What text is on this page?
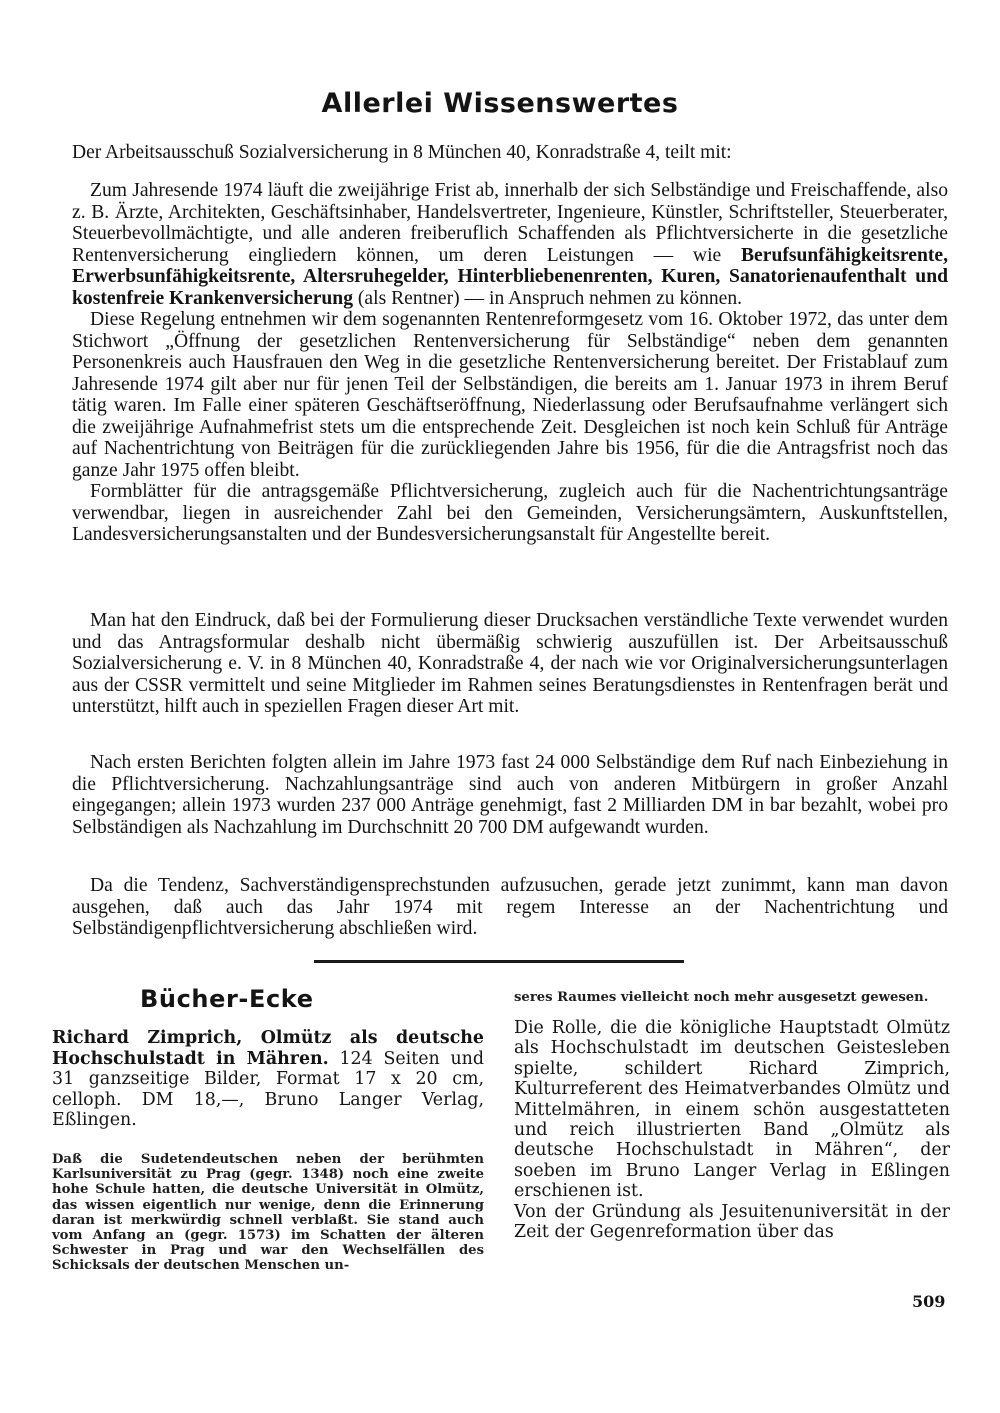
Allerlei Wissenswertes
Der Arbeitsausschuß Sozialversicherung in 8 München 40, Konradstraße 4, teilt mit:

Zum Jahresende 1974 läuft die zweijährige Frist ab, innerhalb der sich Selbständige und Freischaffende, also z. B. Ärzte, Architekten, Geschäftsinhaber, Handelsvertreter, Ingenieure, Künstler, Schriftsteller, Steuerberater, Steuerbevollmächtigte, und alle anderen freiberuflich Schaffenden als Pflichtversicherte in die gesetzliche Rentenversicherung eingliedern können, um deren Leistungen — wie Berufsunfähigkeitsrente, Erwerbsunfähigkeitsrente, Altersruhegelder, Hinterbliebenenrenten, Kuren, Sanatorienaufenthalt und kostenfreie Krankenversicherung (als Rentner) — in Anspruch nehmen zu können.

Diese Regelung entnehmen wir dem sogenannten Rentenreformgesetz vom 16. Oktober 1972, das unter dem Stichwort „Öffnung der gesetzlichen Rentenversicherung für Selbständige“ neben dem genannten Personenkreis auch Hausfrauen den Weg in die gesetzliche Rentenversicherung bereitet. Der Fristablauf zum Jahresende 1974 gilt aber nur für jenen Teil der Selbständigen, die bereits am 1. Januar 1973 in ihrem Beruf tätig waren. Im Falle einer späteren Geschäftseröffnung, Niederlassung oder Berufsaufnahme verlängert sich die zweijährige Aufnahmefrist stets um die entsprechende Zeit. Desgleichen ist noch kein Schluß für Anträge auf Nachentrichtung von Beiträgen für die zurückliegenden Jahre bis 1956, für die die Antragsfrist noch das ganze Jahr 1975 offen bleibt.

Formblätter für die antragsgemäße Pflichtversicherung, zugleich auch für die Nachentrichtungsanträge verwendbar, liegen in ausreichender Zahl bei den Gemeinden, Versicherungsämtern, Auskunftstellen, Landesversicherungsanstalten und der Bundesversicherungsanstalt für Angestellte bereit.

Man hat den Eindruck, daß bei der Formulierung dieser Drucksachen verständliche Texte verwendet wurden und das Antragsformular deshalb nicht übermäßig schwierig auszufüllen ist. Der Arbeitsausschuß Sozialversicherung e. V. in 8 München 40, Konradstraße 4, der nach wie vor Originalversicherungsunterlagen aus der CSSR vermittelt und seine Mitglieder im Rahmen seines Beratungsdienstes in Rentenfragen berät und unterstützt, hilft auch in speziellen Fragen dieser Art mit.

Nach ersten Berichten folgten allein im Jahre 1973 fast 24 000 Selbständige dem Ruf nach Einbeziehung in die Pflichtversicherung. Nachzahlungsanträge sind auch von anderen Mitbürgern in großer Anzahl eingegangen; allein 1973 wurden 237 000 Anträge genehmigt, fast 2 Milliarden DM in bar bezahlt, wobei pro Selbständigen als Nachzahlung im Durchschnitt 20 700 DM aufgewandt wurden.

Da die Tendenz, Sachverständigensprechstunden aufzusuchen, gerade jetzt zunimmt, kann man davon ausgehen, daß auch das Jahr 1974 mit regem Interesse an der Nachentrichtung und Selbständigenpflichtversicherung abschließen wird.

Bücher-Ecke
Richard Zimprich, Olmütz als deutsche Hochschulstadt in Mähren. 124 Seiten und 31 ganzseitige Bilder, Format 17 x 20 cm, celloph. DM 18,—, Bruno Langer Verlag, Eßlingen.
Daß die Sudetendeutschen neben der berühmten Karlsuniversität zu Prag (gegr. 1348) noch eine zweite hohe Schule hatten, die deutsche Universität in Olmütz, das wissen eigentlich nur wenige, denn die Erinnerung daran ist merkwürdig schnell verblaßt. Sie stand auch vom Anfang an (gegr. 1573) im Schatten der älteren Schwester in Prag und war den Wechselfällen des Schicksals der deutschen Menschen un-
seres Raumes vielleicht noch mehr ausgesetzt gewesen.

Die Rolle, die die königliche Hauptstadt Olmütz als Hochschulstadt im deutschen Geistesleben spielte, schildert Richard Zimprich, Kulturreferent des Heimatverbandes Olmütz und Mittelmähren, in einem schön ausgestatteten und reich illustrierten Band „Olmütz als deutsche Hochschulstadt in Mähren“, der soeben im Bruno Langer Verlag in Eßlingen erschienen ist.

Von der Gründung als Jesuitenuniversität in der Zeit der Gegenreformation über das

509
